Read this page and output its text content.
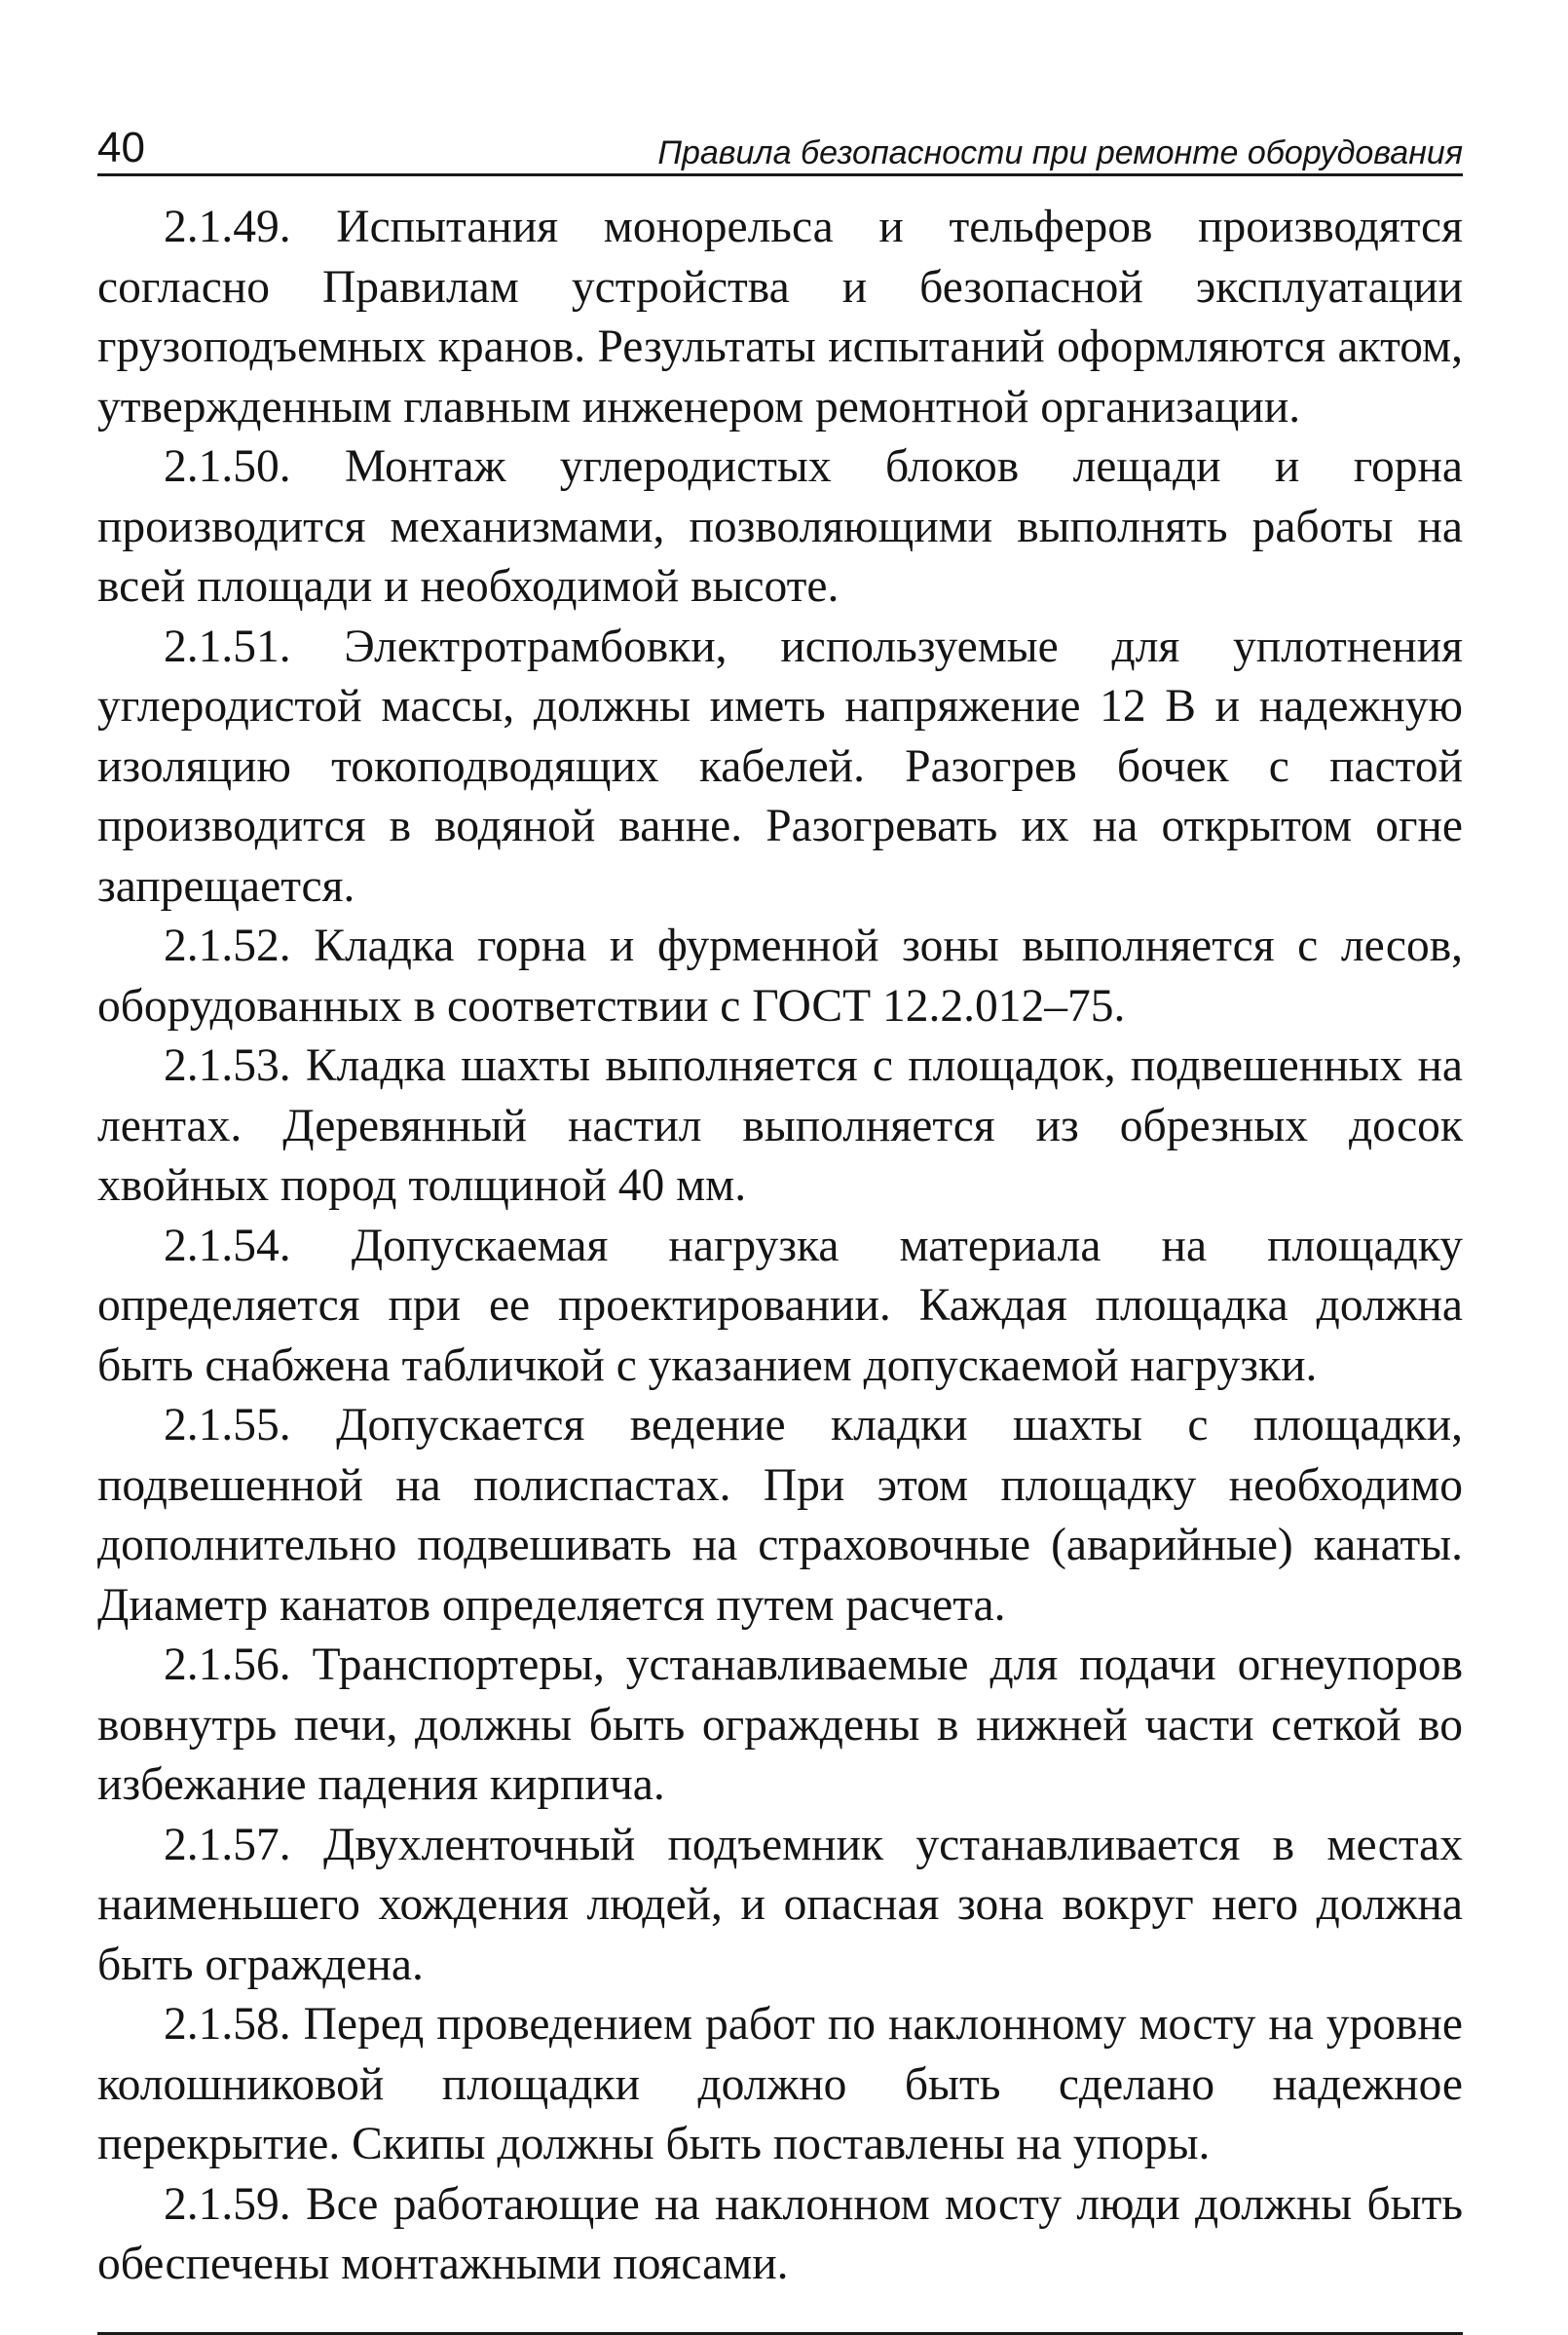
40	Правила безопасности при ремонте оборудования

2.1.49. Испытания монорельса и тельферов производятся согласно Правилам устройства и безопасной эксплуатации грузоподъемных кранов. Результаты испытаний оформляются актом, утвержденным главным инженером ремонтной организации.

2.1.50. Монтаж углеродистых блоков лещади и горна производится механизмами, позволяющими выполнять работы на всей площади и необходимой высоте.

2.1.51. Электротрамбовки, используемые для уплотнения углеродистой массы, должны иметь напряжение 12 В и надежную изоляцию токоподводящих кабелей. Разогрев бочек с пастой производится в водяной ванне. Разогревать их на открытом огне запрещается.

2.1.52. Кладка горна и фурменной зоны выполняется с лесов, оборудованных в соответствии с ГОСТ 12.2.012–75.

2.1.53. Кладка шахты выполняется с площадок, подвешенных на лентах. Деревянный настил выполняется из обрезных досок хвойных пород толщиной 40 мм.

2.1.54. Допускаемая нагрузка материала на площадку определяется при ее проектировании. Каждая площадка должна быть снабжена табличкой с указанием допускаемой нагрузки.

2.1.55. Допускается ведение кладки шахты с площадки, подвешенной на полиспастах. При этом площадку необходимо дополнительно подвешивать на страховочные (аварийные) канаты. Диаметр канатов определяется путем расчета.

2.1.56. Транспортеры, устанавливаемые для подачи огнеупоров вовнутрь печи, должны быть ограждены в нижней части сеткой во избежание падения кирпича.

2.1.57. Двухленточный подъемник устанавливается в местах наименьшего хождения людей, и опасная зона вокруг него должна быть ограждена.

2.1.58. Перед проведением работ по наклонному мосту на уровне колошниковой площадки должно быть сделано надежное перекрытие. Скипы должны быть поставлены на упоры.

2.1.59. Все работающие на наклонном мосту люди должны быть обеспечены монтажными поясами.
